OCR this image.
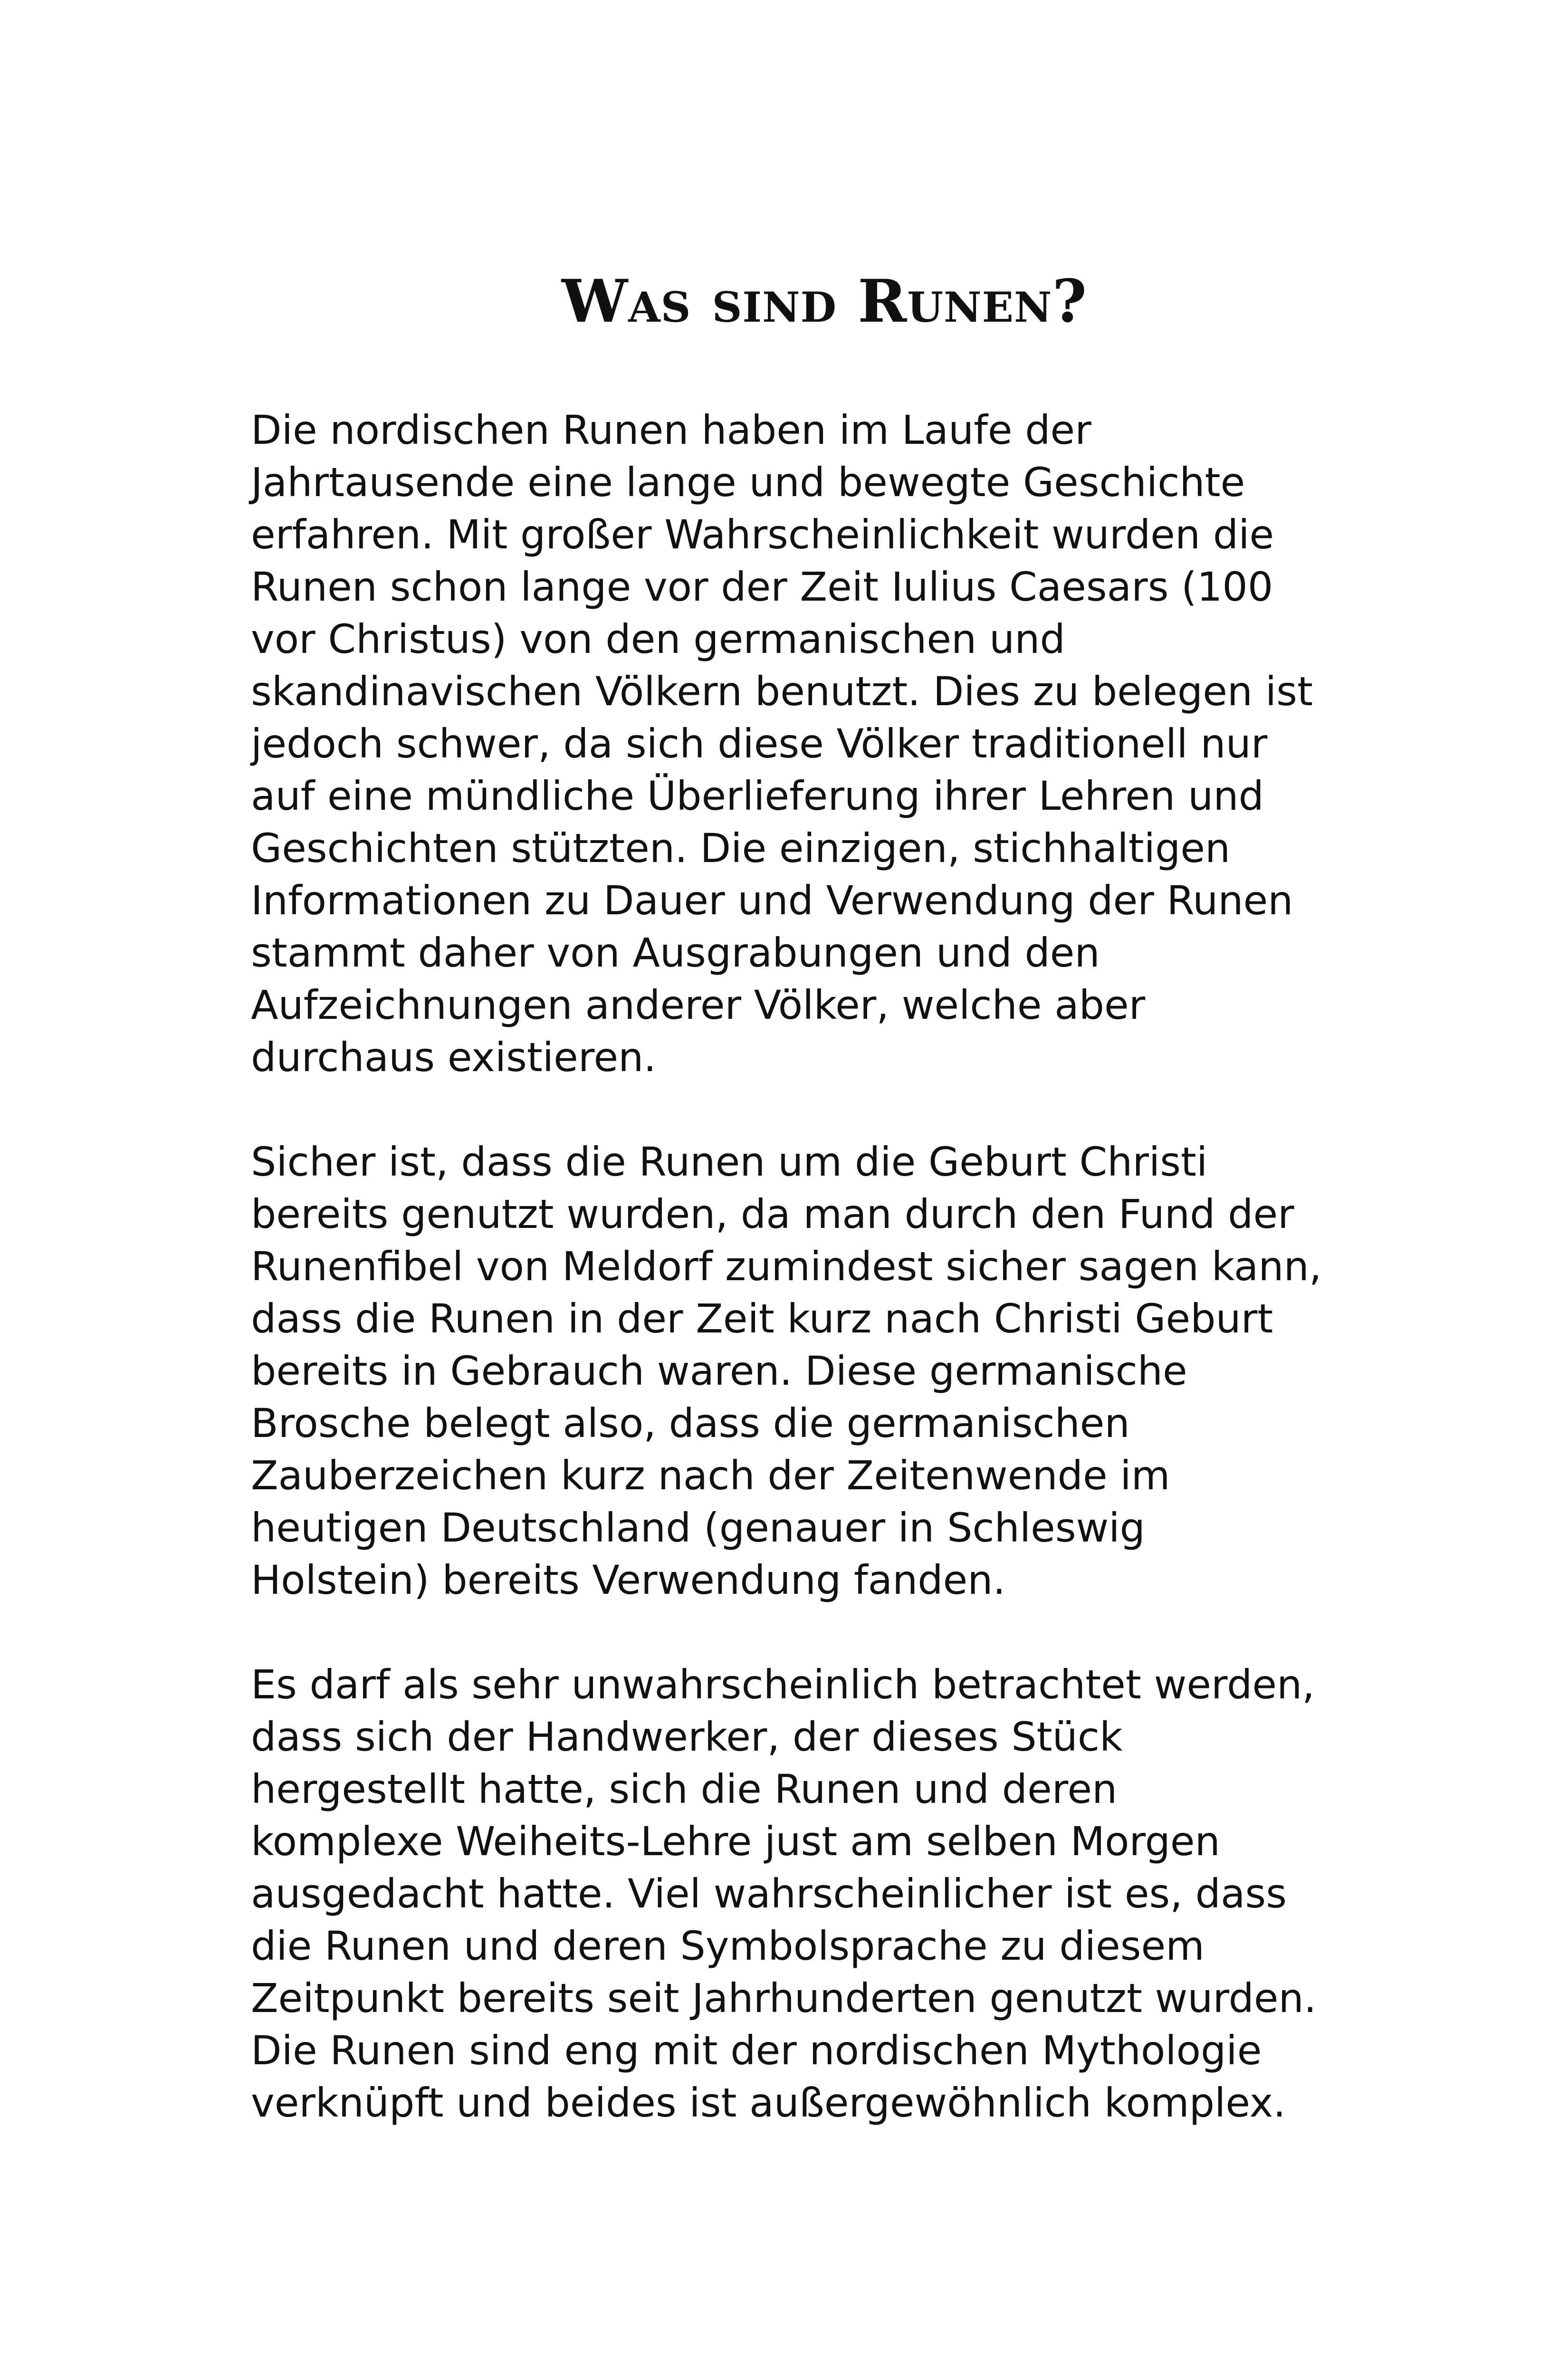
Was sind Runen?

Die nordischen Runen haben im Laufe der
Jahrtausende eine lange und bewegte Geschichte
erfahren. Mit großer Wahrscheinlichkeit wurden die
Runen schon lange vor der Zeit Iulius Caesars (100
vor Christus) von den germanischen und
skandinavischen Völkern benutzt. Dies zu belegen ist
jedoch schwer, da sich diese Völker traditionell nur
auf eine mündliche Überlieferung ihrer Lehren und
Geschichten stützten. Die einzigen, stichhaltigen
Informationen zu Dauer und Verwendung der Runen
stammt daher von Ausgrabungen und den
Aufzeichnungen anderer Völker, welche aber
durchaus existieren.

Sicher ist, dass die Runen um die Geburt Christi
bereits genutzt wurden, da man durch den Fund der
Runenfibel von Meldorf zumindest sicher sagen kann,
dass die Runen in der Zeit kurz nach Christi Geburt
bereits in Gebrauch waren. Diese germanische
Brosche belegt also, dass die germanischen
Zauberzeichen kurz nach der Zeitenwende im
heutigen Deutschland (genauer in Schleswig
Holstein) bereits Verwendung fanden.

Es darf als sehr unwahrscheinlich betrachtet werden,
dass sich der Handwerker, der dieses Stück
hergestellt hatte, sich die Runen und deren
komplexe Weiheits-Lehre just am selben Morgen
ausgedacht hatte. Viel wahrscheinlicher ist es, dass
die Runen und deren Symbolsprache zu diesem
Zeitpunkt bereits seit Jahrhunderten genutzt wurden.
Die Runen sind eng mit der nordischen Mythologie
verknüpft und beides ist außergewöhnlich komplex.
